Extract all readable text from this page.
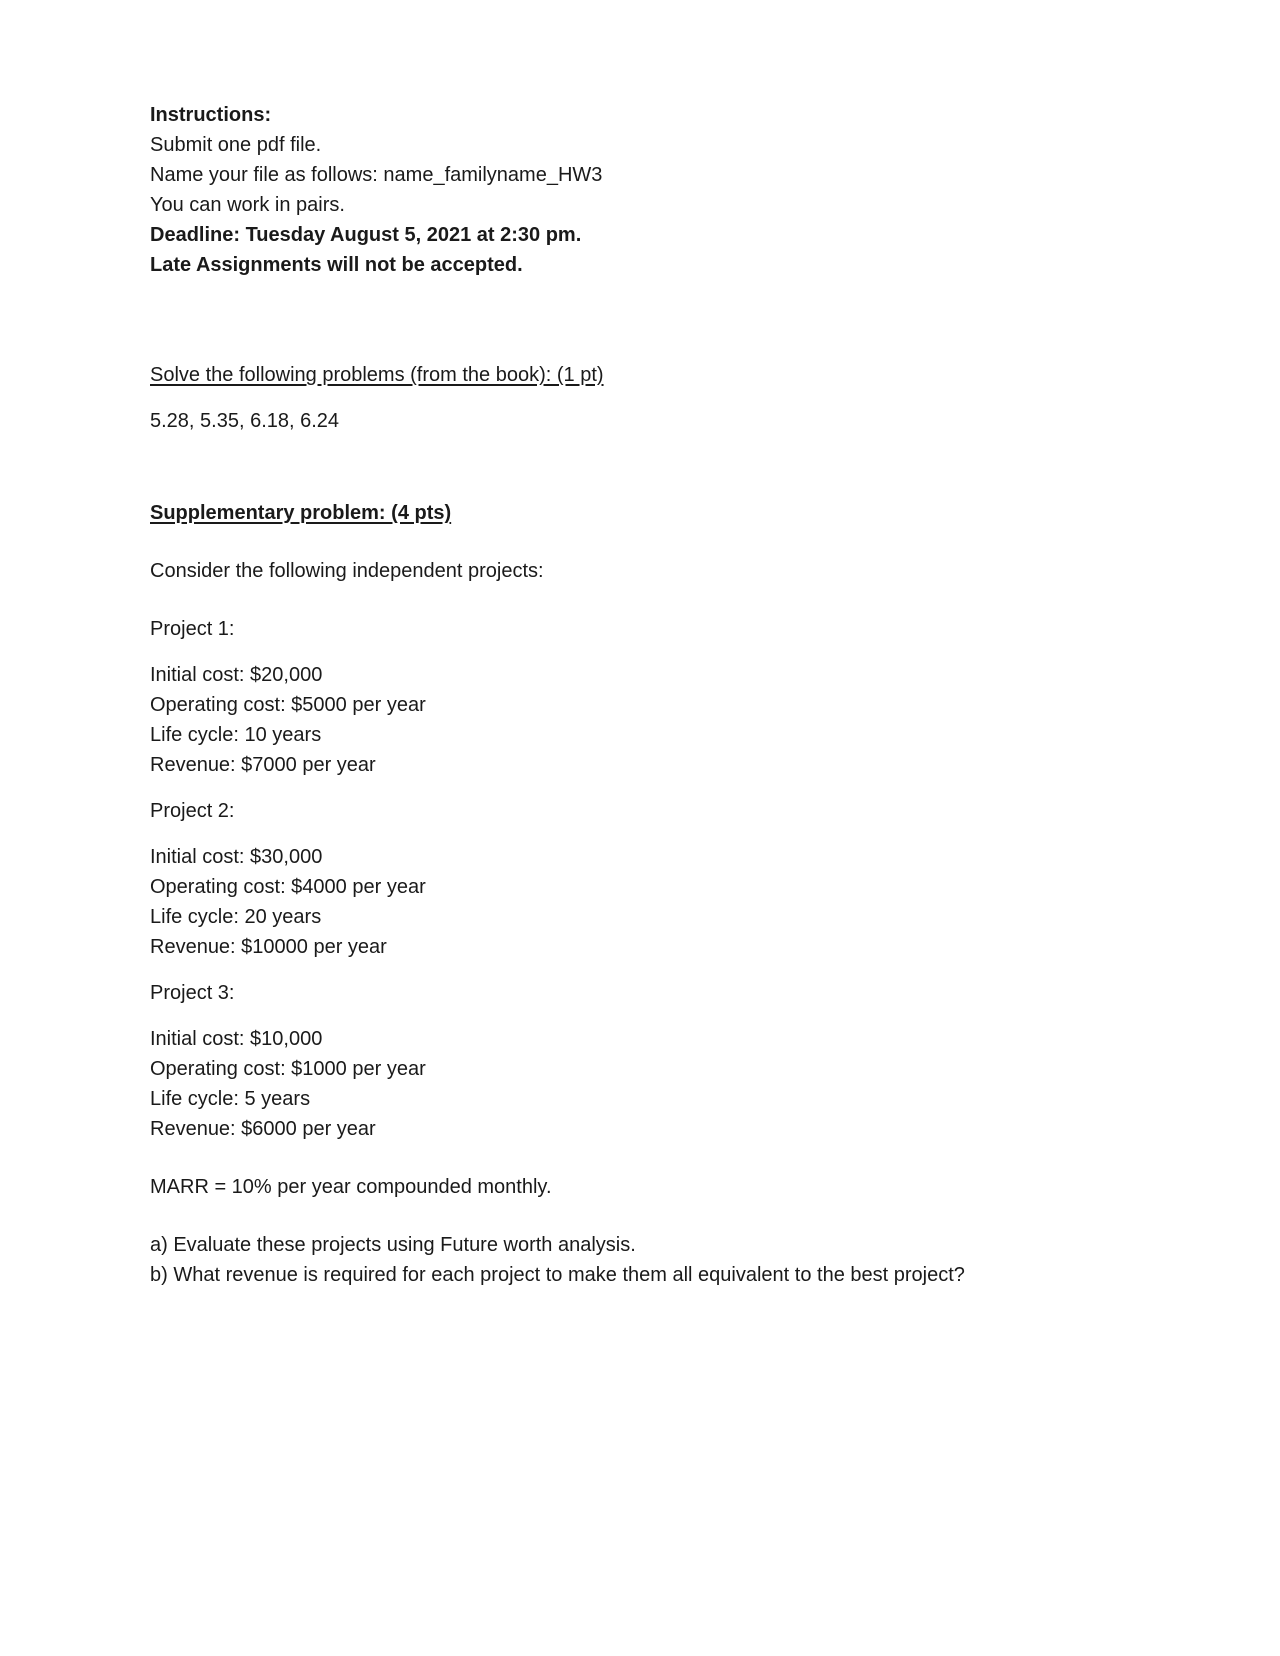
Instructions:
Submit one pdf file.
Name your file as follows: name_familyname_HW3
You can work in pairs.
Deadline: Tuesday August 5, 2021 at 2:30 pm.
Late Assignments will not be accepted.
Solve the following problems (from the book): (1 pt)
5.28, 5.35, 6.18, 6.24
Supplementary problem: (4 pts)
Consider the following independent projects:
Project 1:
Initial cost: $20,000
Operating cost: $5000 per year
Life cycle: 10 years
Revenue: $7000 per year
Project 2:
Initial cost: $30,000
Operating cost: $4000 per year
Life cycle: 20 years
Revenue: $10000 per year
Project 3:
Initial cost: $10,000
Operating cost: $1000 per year
Life cycle: 5 years
Revenue: $6000 per year
MARR = 10% per year compounded monthly.
a) Evaluate these projects using Future worth analysis.
b) What revenue is required for each project to make them all equivalent to the best project?
